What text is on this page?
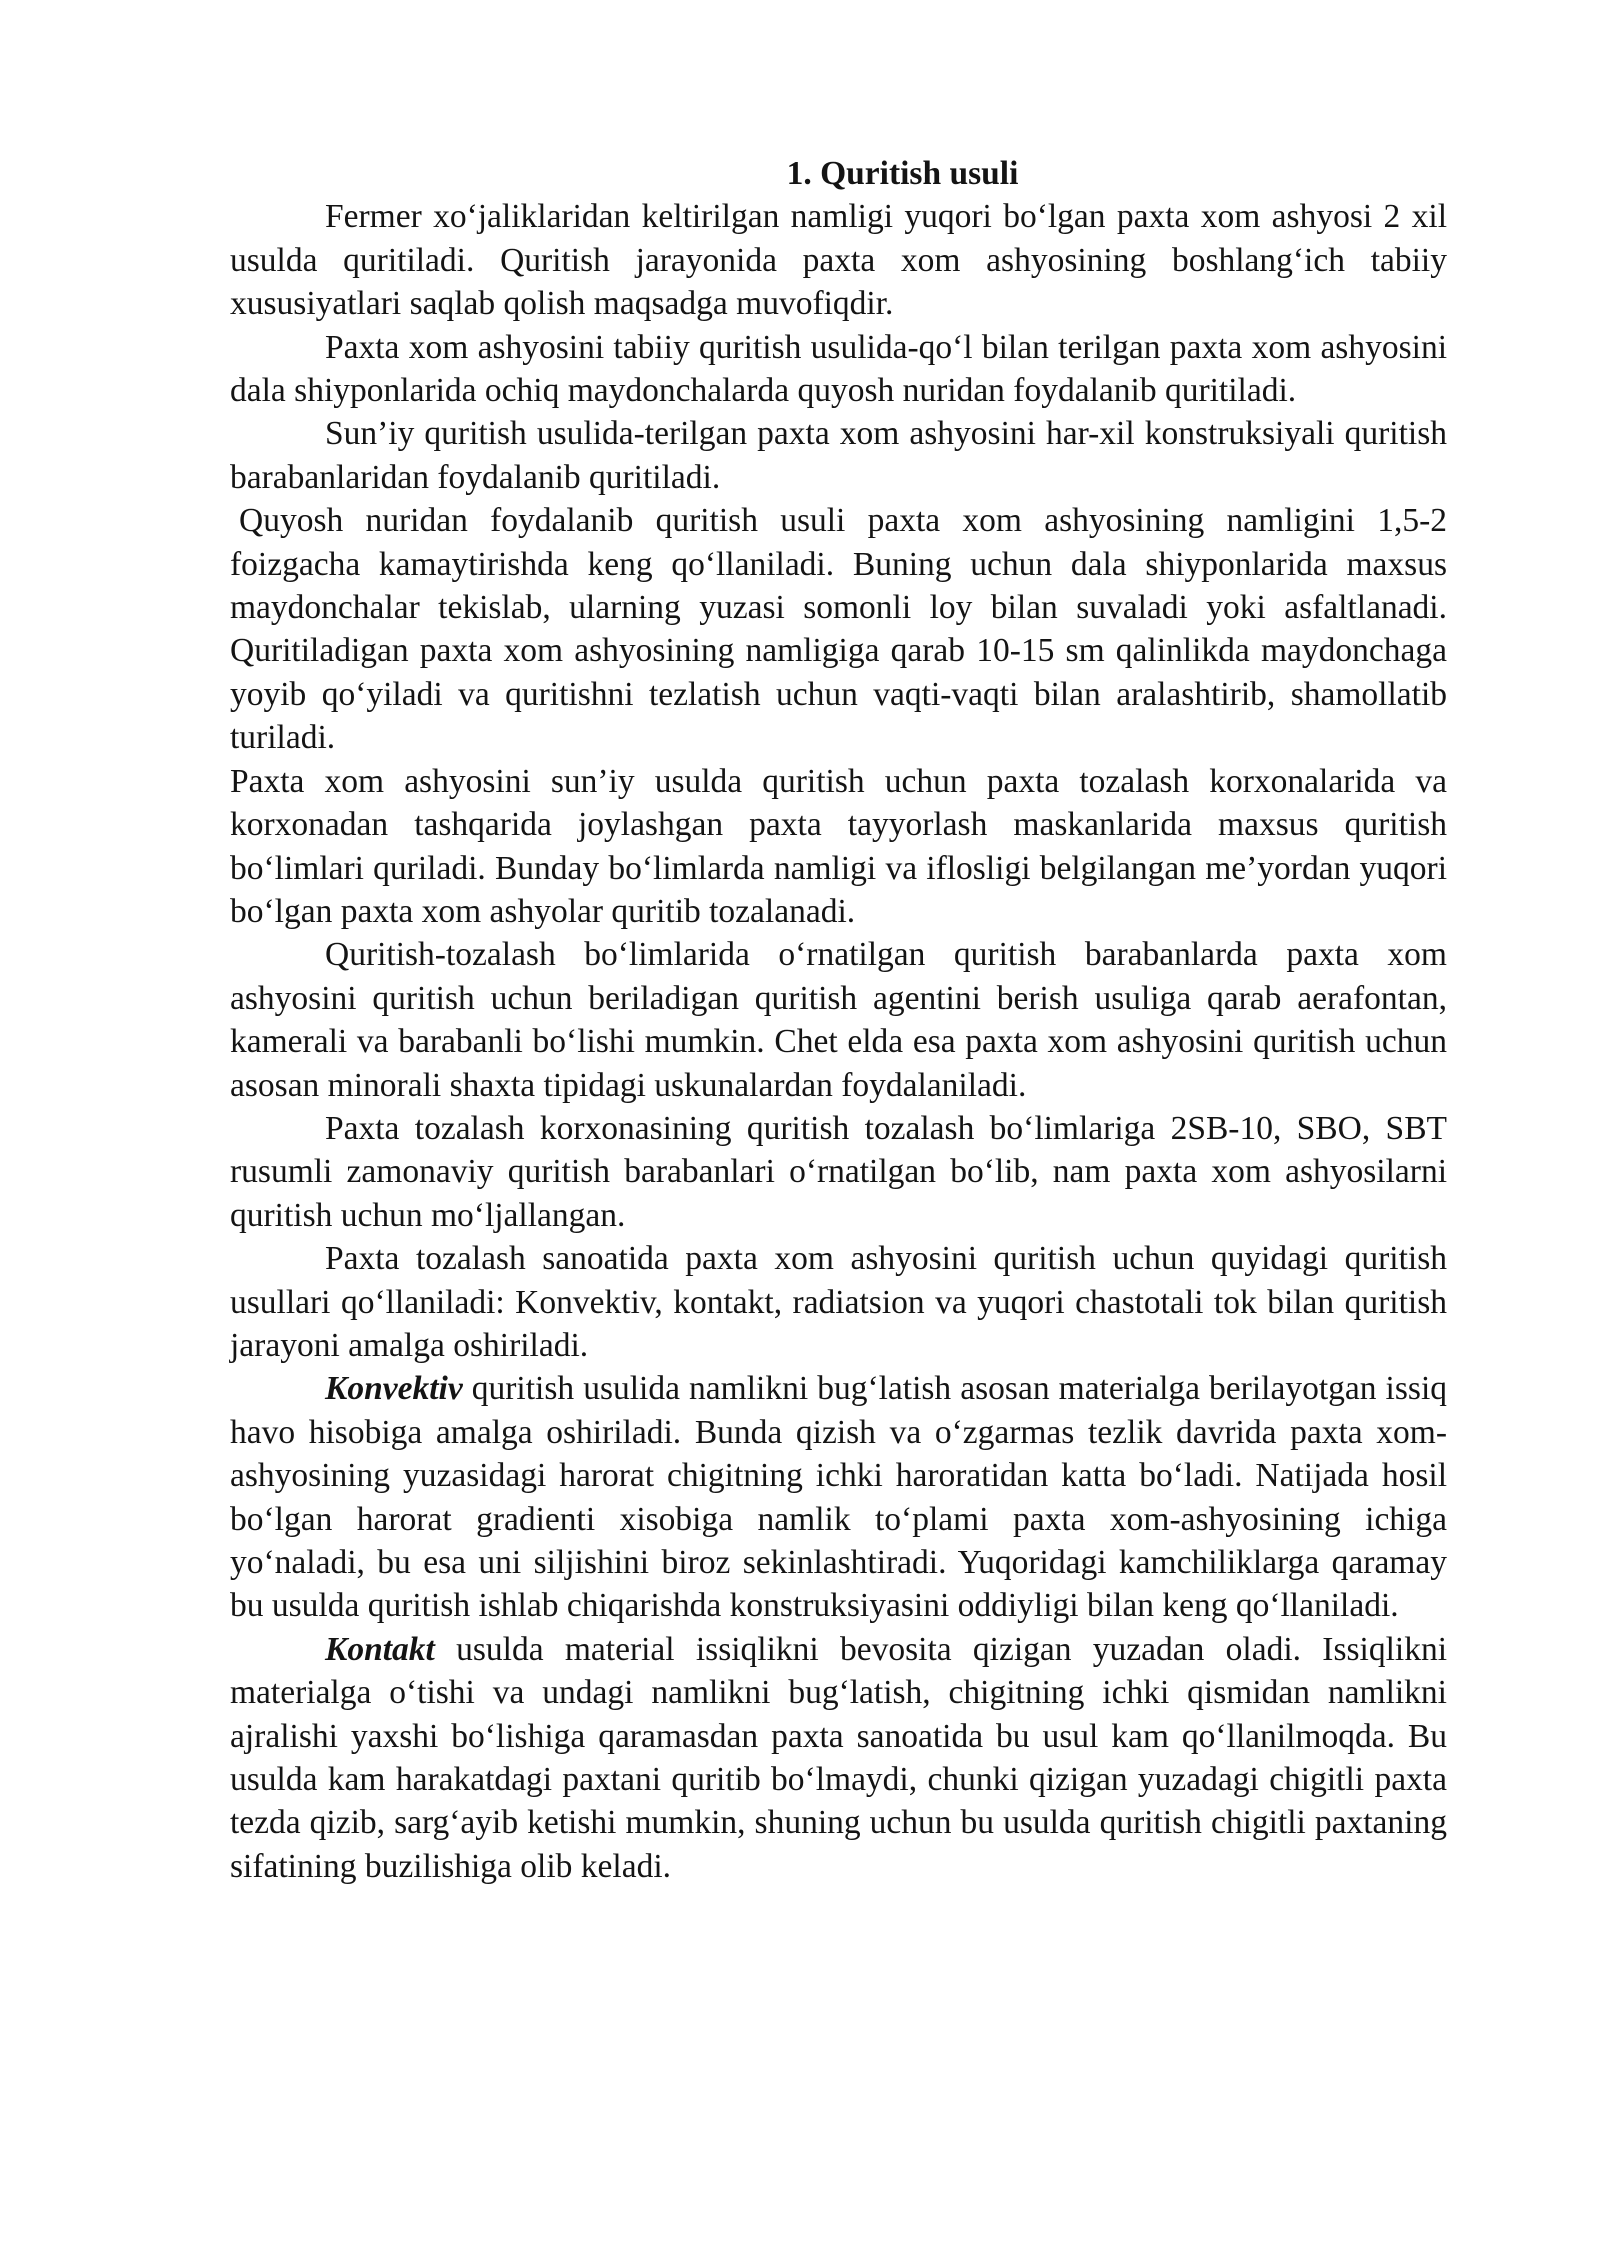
1. Quritish usuli

Fermer xo‘jaliklaridan keltirilgan namligi yuqori bo‘lgan paxta xom ashyosi 2 xil usulda quritiladi. Quritish jarayonida paxta xom ashyosining boshlang‘ich tabiiy xususiyatlari saqlab qolish maqsadga muvofiqdir.

Paxta xom ashyosini tabiiy quritish usulida-qo‘l bilan terilgan paxta xom ashyosini dala shiyponlarida ochiq maydonchalarda quyosh nuridan foydalanib quritiladi.

Sun’iy quritish usulida-terilgan paxta xom ashyosini har-xil konstruksiyali quritish barabanlaridan foydalanib quritiladi.

Quyosh nuridan foydalanib quritish usuli paxta xom ashyosining namligini 1,5-2 foizgacha kamaytirishda keng qo‘llaniladi. Buning uchun dala shiyponlarida maxsus maydonchalar tekislab, ularning yuzasi somonli loy bilan suvaladi yoki asfaltlanadi. Quritiladigan paxta xom ashyosining namligiga qarab 10-15 sm qalinlikda maydonchaga yoyib qo‘yiladi va quritishni tezlatish uchun vaqti-vaqti bilan aralashtirib, shamollatib turiladi.

Paxta xom ashyosini sun’iy usulda quritish uchun paxta tozalash korxonalarida va korxonadan tashqarida joylashgan paxta tayyorlash maskanlarida maxsus quritish bo‘limlari quriladi. Bunday bo‘limlarda namligi va iflosligi belgilangan me’yordan yuqori bo‘lgan paxta xom ashyolar quritib tozalanadi.

Quritish-tozalash bo‘limlarida o‘rnatilgan quritish barabanlarda paxta xom ashyosini quritish uchun beriladigan quritish agentini berish usuliga qarab aerafontan, kamerali va barabanli bo‘lishi mumkin. Chet elda esa paxta xom ashyosini quritish uchun asosan minorali shaxta tipidagi uskunalardan foydalaniladi.

Paxta tozalash korxonasining quritish tozalash bo‘limlariga 2SB-10, SBO, SBT rusumli zamonaviy quritish barabanlari o‘rnatilgan bo‘lib, nam paxta xom ashyosilarni quritish uchun mo‘ljallangan.

Paxta tozalash sanoatida paxta xom ashyosini quritish uchun quyidagi quritish usullari qo‘llaniladi: Konvektiv, kontakt, radiatsion va yuqori chastotali tok bilan quritish jarayoni amalga oshiriladi.

Konvektiv quritish usulida namlikni bug‘latish asosan materialga berilayotgan issiq havo hisobiga amalga oshiriladi. Bunda qizish va o‘zgarmas tezlik davrida paxta xom-ashyosining yuzasidagi harorat chigitning ichki haroratidan katta bo‘ladi. Natijada hosil bo‘lgan harorat gradienti xisobiga namlik to‘plami paxta xom-ashyosining ichiga yo‘naladi, bu esa uni siljishini biroz sekinlashtiradi. Yuqoridagi kamchiliklarga qaramay bu usulda quritish ishlab chiqarishda konstruksiyasini oddiyligi bilan keng qo‘llaniladi.

Kontakt usulda material issiqlikni bevosita qizigan yuzadan oladi. Issiqlikni materialga o‘tishi va undagi namlikni bug‘latish, chigitning ichki qismidan namlikni ajralishi yaxshi bo‘lishiga qaramasdan paxta sanoatida bu usul kam qo‘llanilmoqda. Bu usulda kam harakatdagi paxtani quritib bo‘lmaydi, chunki qizigan yuzadagi chigitli paxta tezda qizib, sarg‘ayib ketishi mumkin, shuning uchun bu usulda quritish chigitli paxtaning sifatining buzilishiga olib keladi.
